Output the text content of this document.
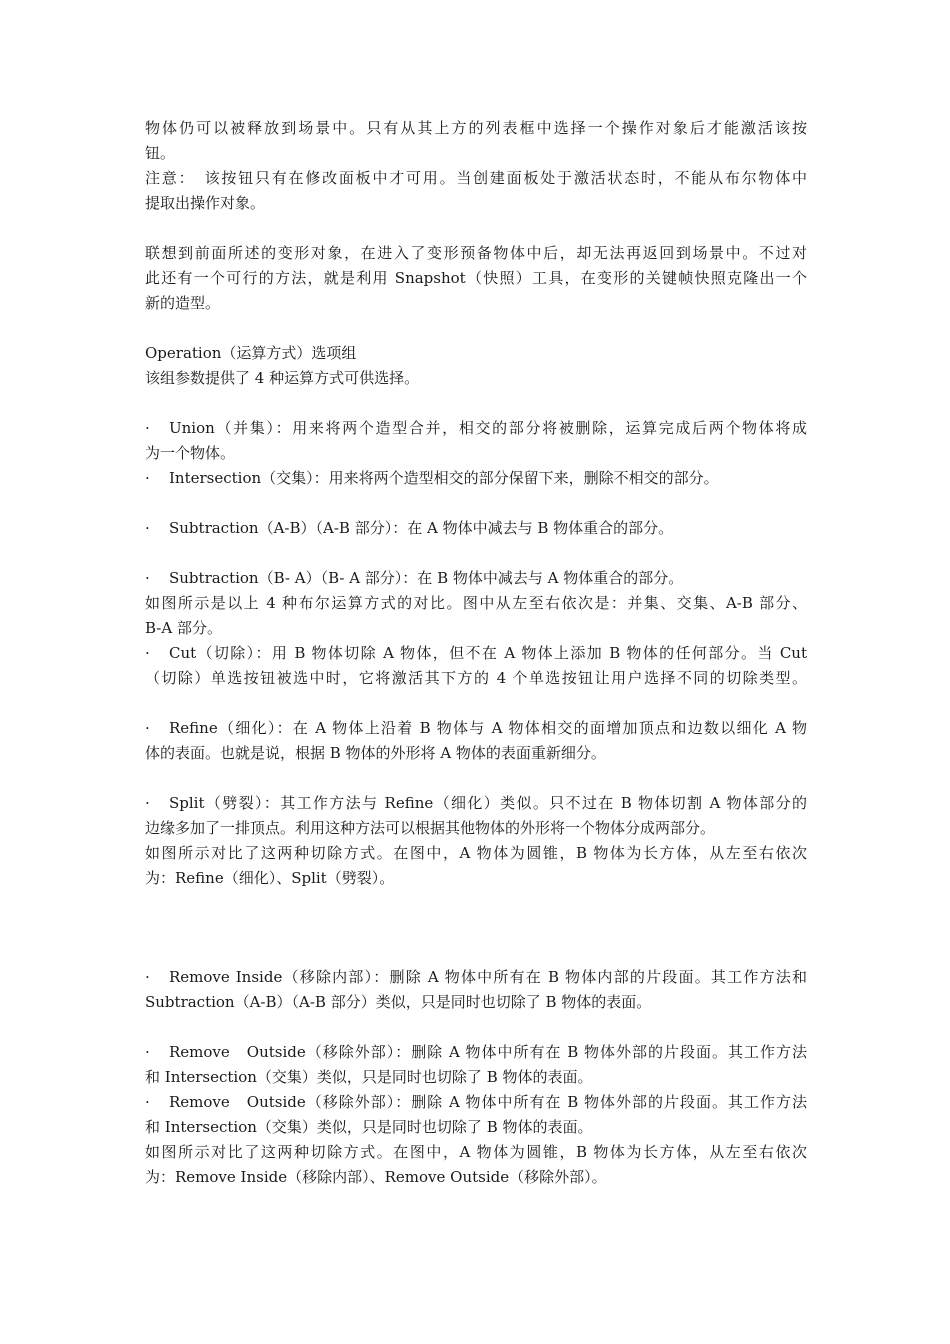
物体仍可以被释放到场景中。只有从其上方的列表框中选择一个操作对象后才能激活该按
钮。
注意：　该按钮只有在修改面板中才可用。当创建面板处于激活状态时，不能从布尔物体中
提取出操作对象。
联想到前面所述的变形对象，在进入了变形预备物体中后，却无法再返回到场景中。不过对
此还有一个可行的方法，就是利用 Snapshot（快照）工具，在变形的关键帧快照克隆出一个
新的造型。
Operation（运算方式）选项组
该组参数提供了 4 种运算方式可供选择。
· Union（并集）：用来将两个造型合并，相交的部分将被删除，运算完成后两个物体将成
为一个物体。
· Intersection（交集）：用来将两个造型相交的部分保留下来，删除不相交的部分。
· Subtraction（A-B）（A-B 部分）：在 A 物体中减去与 B 物体重合的部分。
· Subtraction（B- A）（B- A 部分）：在 B 物体中减去与 A 物体重合的部分。
如图所示是以上 4 种布尔运算方式的对比。图中从左至右依次是：并集、交集、A-B 部分、
B-A 部分。
· Cut（切除）：用 B 物体切除 A 物体，但不在 A 物体上添加 B 物体的任何部分。当 Cut
（切除）单选按钮被选中时，它将激活其下方的 4 个单选按钮让用户选择不同的切除类型。
· Refine（细化）：在 A 物体上沿着 B 物体与 A 物体相交的面增加顶点和边数以细化 A 物
体的表面。也就是说，根据 B 物体的外形将 A 物体的表面重新细分。
· Split（劈裂）：其工作方法与 Refine（细化）类似。只不过在 B 物体切割 A 物体部分的
边缘多加了一排顶点。利用这种方法可以根据其他物体的外形将一个物体分成两部分。
如图所示对比了这两种切除方式。在图中，A 物体为圆锥，B 物体为长方体，从左至右依次
为：Refine（细化）、Split（劈裂）。
· Remove Inside（移除内部）：删除 A 物体中所有在 B 物体内部的片段面。其工作方法和
Subtraction（A-B）（A-B 部分）类似，只是同时也切除了 B 物体的表面。
· Remove　Outside（移除外部）：删除 A 物体中所有在 B 物体外部的片段面。其工作方法
和 Intersection（交集）类似，只是同时也切除了 B 物体的表面。
· Remove　Outside（移除外部）：删除 A 物体中所有在 B 物体外部的片段面。其工作方法
和 Intersection（交集）类似，只是同时也切除了 B 物体的表面。
如图所示对比了这两种切除方式。在图中，A 物体为圆锥，B 物体为长方体，从左至右依次
为：Remove Inside（移除内部）、Remove Outside（移除外部）。
